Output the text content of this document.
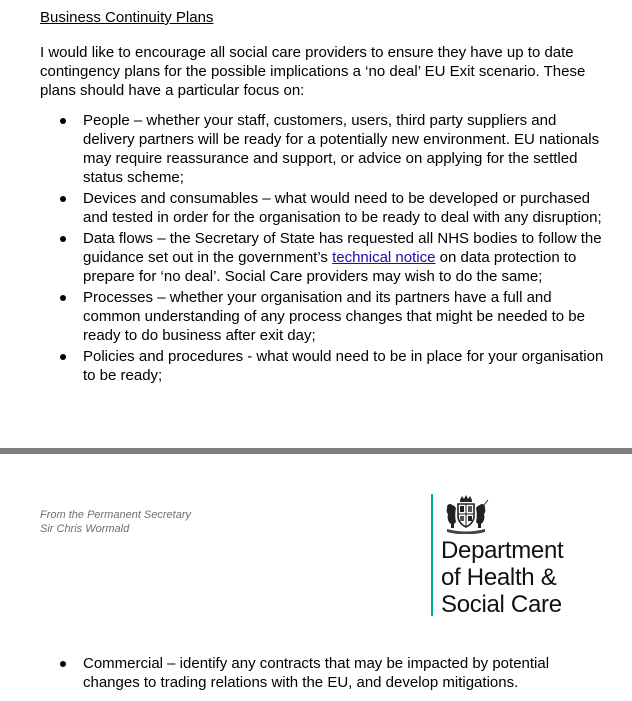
Business Continuity Plans

I would like to encourage all social care providers to ensure they have up to date contingency plans for the possible implications a ‘no deal’ EU Exit scenario. These plans should have a particular focus on:

People – whether your staff, customers, users, third party suppliers and delivery partners will be ready for a potentially new environment. EU nationals may require reassurance and support, or advice on applying for the settled status scheme;
Devices and consumables – what would need to be developed or purchased and tested in order for the organisation to be ready to deal with any disruption;
Data flows – the Secretary of State has requested all NHS bodies to follow the guidance set out in the government’s technical notice on data protection to prepare for ‘no deal’. Social Care providers may wish to do the same;
Processes – whether your organisation and its partners have a full and common understanding of any process changes that might be needed to be ready to do business after exit day;
Policies and procedures - what would need to be in place for your organisation to be ready;
From the Permanent Secretary
Sir Chris Wormald
Department
of Health &
Social Care
Commercial – identify any contracts that may be impacted by potential changes to trading relations with the EU, and develop mitigations.
